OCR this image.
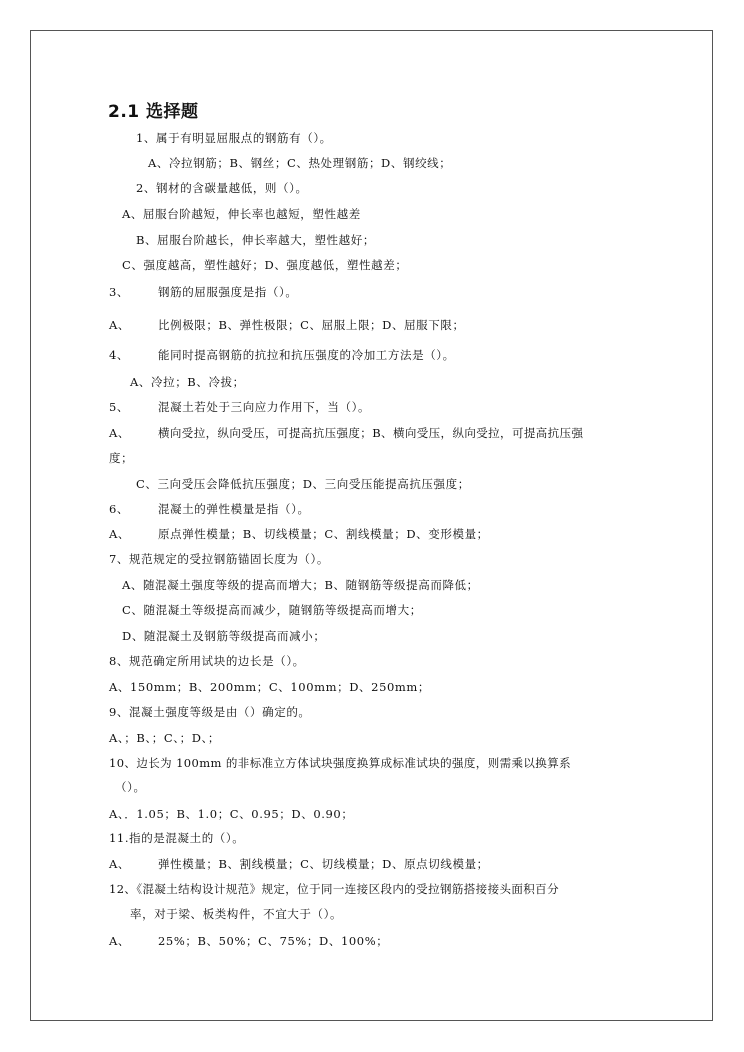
2.1 选择题
1、属于有明显屈服点的钢筋有（）。
A、冷拉钢筋；B、钢丝；C、热处理钢筋；D、钢绞线；
2、钢材的含碳量越低，则（）。
A、屈服台阶越短，伸长率也越短，塑性越差
B、屈服台阶越长，伸长率越大，塑性越好；
C、强度越高，塑性越好；D、强度越低，塑性越差；
3、	钢筋的屈服强度是指（）。
A、 比例极限；B、弹性极限；C、屈服上限；D、屈服下限；
4、	能同时提高钢筋的抗拉和抗压强度的冷加工方法是（）。
A、冷拉；B、冷拔；
5、	混凝土若处于三向应力作用下，当（）。
A、 横向受拉，纵向受压，可提高抗压强度；B、横向受压，纵向受拉，可提高抗压强
度；
C、三向受压会降低抗压强度；D、三向受压能提高抗压强度；
6、	混凝土的弹性模量是指（）。
A、 原点弹性模量；B、切线模量；C、割线模量；D、变形模量；
7、规范规定的受拉钢筋锚固长度为（）。
A、随混凝土强度等级的提高而增大；B、随钢筋等级提高而降低；
C、随混凝土等级提高而减少，随钢筋等级提高而增大；
D、随混凝土及钢筋等级提高而减小；
8、规范确定所用试块的边长是（）。
A、150mm；B、200mm；C、100mm；D、250mm；
9、混凝土强度等级是由（）确定的。
A、；B、；C、；D、；
10、边长为 100mm 的非标准立方体试块强度换算成标准试块的强度，则需乘以换算系
（）。
A、．1.05；B、1.0；C、0.95；D、0.90；
11.指的是混凝土的（）。
A、 弹性模量；B、割线模量；C、切线模量；D、原点切线模量；
12、《混凝土结构设计规范》规定，位于同一连接区段内的受拉钢筋搭接接头面积百分
率，对于梁、板类构件，不宜大于（）。
A、 25%；B、50%；C、75%；D、100%；
